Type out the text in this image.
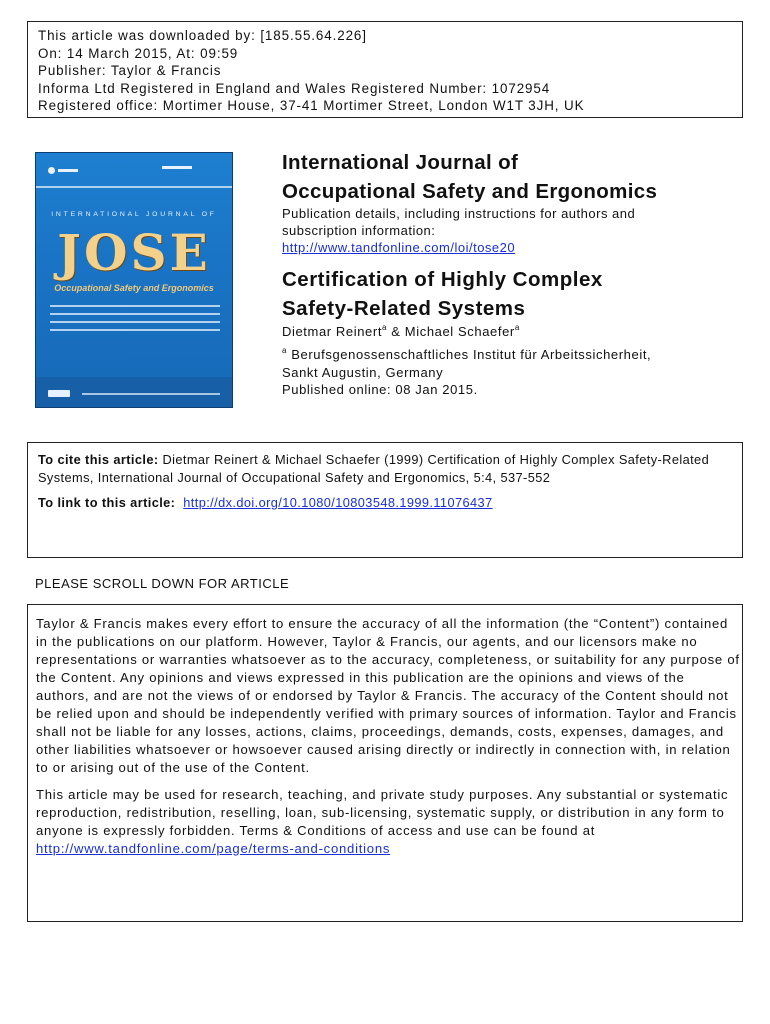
This article was downloaded by: [185.55.64.226]
On: 14 March 2015, At: 09:59
Publisher: Taylor & Francis
Informa Ltd Registered in England and Wales Registered Number: 1072954
Registered office: Mortimer House, 37-41 Mortimer Street, London W1T 3JH, UK
INTERNATIONAL JOURNAL OF
JOSE
Occupational Safety and Ergonomics
International Journal of
Occupational Safety and Ergonomics
Publication details, including instructions for authors and
subscription information:
http://www.tandfonline.com/loi/tose20
Certification of Highly Complex
Safety-Related Systems
Dietmar Reinert$^a$ & Michael Schaefer$^a$
$^a$ Berufsgenossenschaftliches Institut für Arbeitssicherheit,
Sankt Augustin, Germany
Published online: 08 Jan 2015.
To cite this article: Dietmar Reinert & Michael Schaefer (1999) Certification of Highly Complex Safety-Related Systems, International Journal of Occupational Safety and Ergonomics, 5:4, 537-552
To link to this article: http://dx.doi.org/10.1080/10803548.1999.11076437
PLEASE SCROLL DOWN FOR ARTICLE

Taylor & Francis makes every effort to ensure the accuracy of all the information (the “Content”) contained in the publications on our platform. However, Taylor & Francis, our agents, and our licensors make no representations or warranties whatsoever as to the accuracy, completeness, or suitability for any purpose of the Content. Any opinions and views expressed in this publication are the opinions and views of the authors, and are not the views of or endorsed by Taylor & Francis. The accuracy of the Content should not be relied upon and should be independently verified with primary sources of information. Taylor and Francis shall not be liable for any losses, actions, claims, proceedings, demands, costs, expenses, damages, and other liabilities whatsoever or howsoever caused arising directly or indirectly in connection with, in relation to or arising out of the use of the Content.

This article may be used for research, teaching, and private study purposes. Any substantial or systematic reproduction, redistribution, reselling, loan, sub-licensing, systematic supply, or distribution in any form to anyone is expressly forbidden. Terms & Conditions of access and use can be found at http://www.tandfonline.com/page/terms-and-conditions
